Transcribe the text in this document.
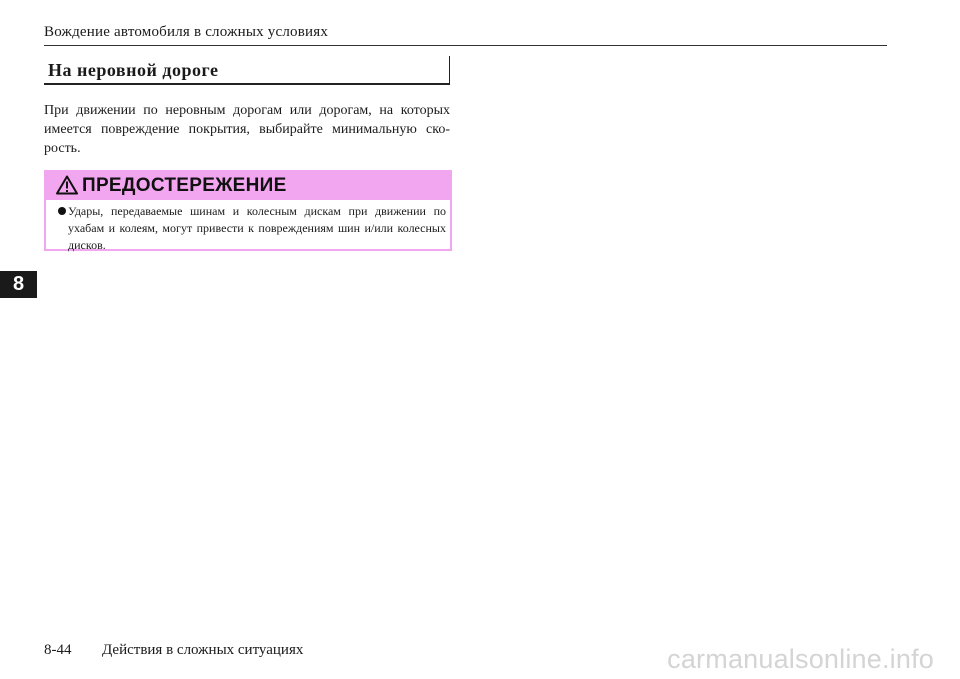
Вождение автомобиля в сложных условиях
На неровной дороге
При движении по неровным дорогам или дорогам, на которых имеется повреждение покрытия, выбирайте минимальную ско-рость.
ПРЕДОСТЕРЕЖЕНИЕ
Удары, передаваемые шинам и колесным дискам при движении по ухабам и колеям, могут привести к повреждениям шин и/или колесных дисков.
8
8-44 Действия в сложных ситуациях	carmanualsonline.info
